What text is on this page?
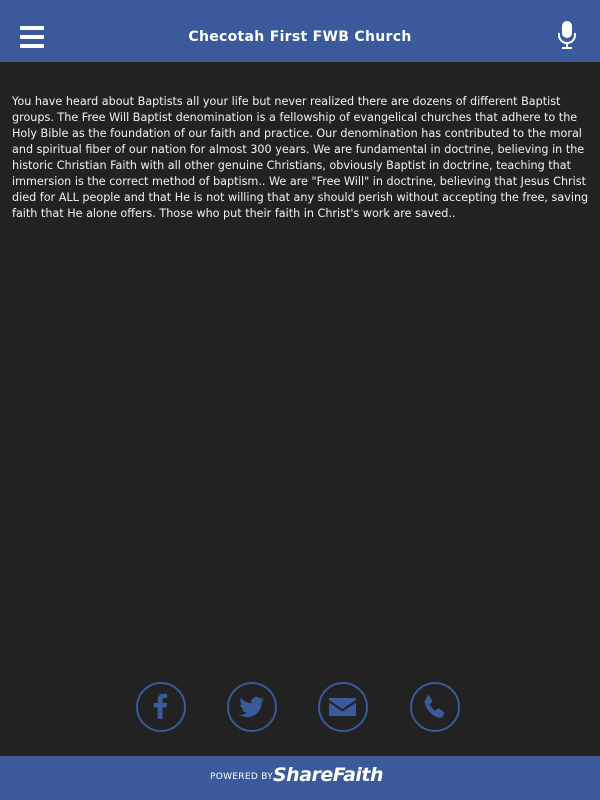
Checotah First FWB Church
You have heard about Baptists all your life but never realized there are dozens of different Baptist groups. The Free Will Baptist denomination is a fellowship of evangelical churches that adhere to the Holy Bible as the foundation of our faith and practice. Our denomination has contributed to the moral and spiritual fiber of our nation for almost 300 years. We are fundamental in doctrine, believing in the historic Christian Faith with all other genuine Christians, obviously Baptist in doctrine, teaching that immersion is the correct method of baptism.. We are "Free Will" in doctrine, believing that Jesus Christ died for ALL people and that He is not willing that any should perish without accepting the free, saving faith that He alone offers. Those who put their faith in Christ's work are saved..
POWERED BY ShareFaith
